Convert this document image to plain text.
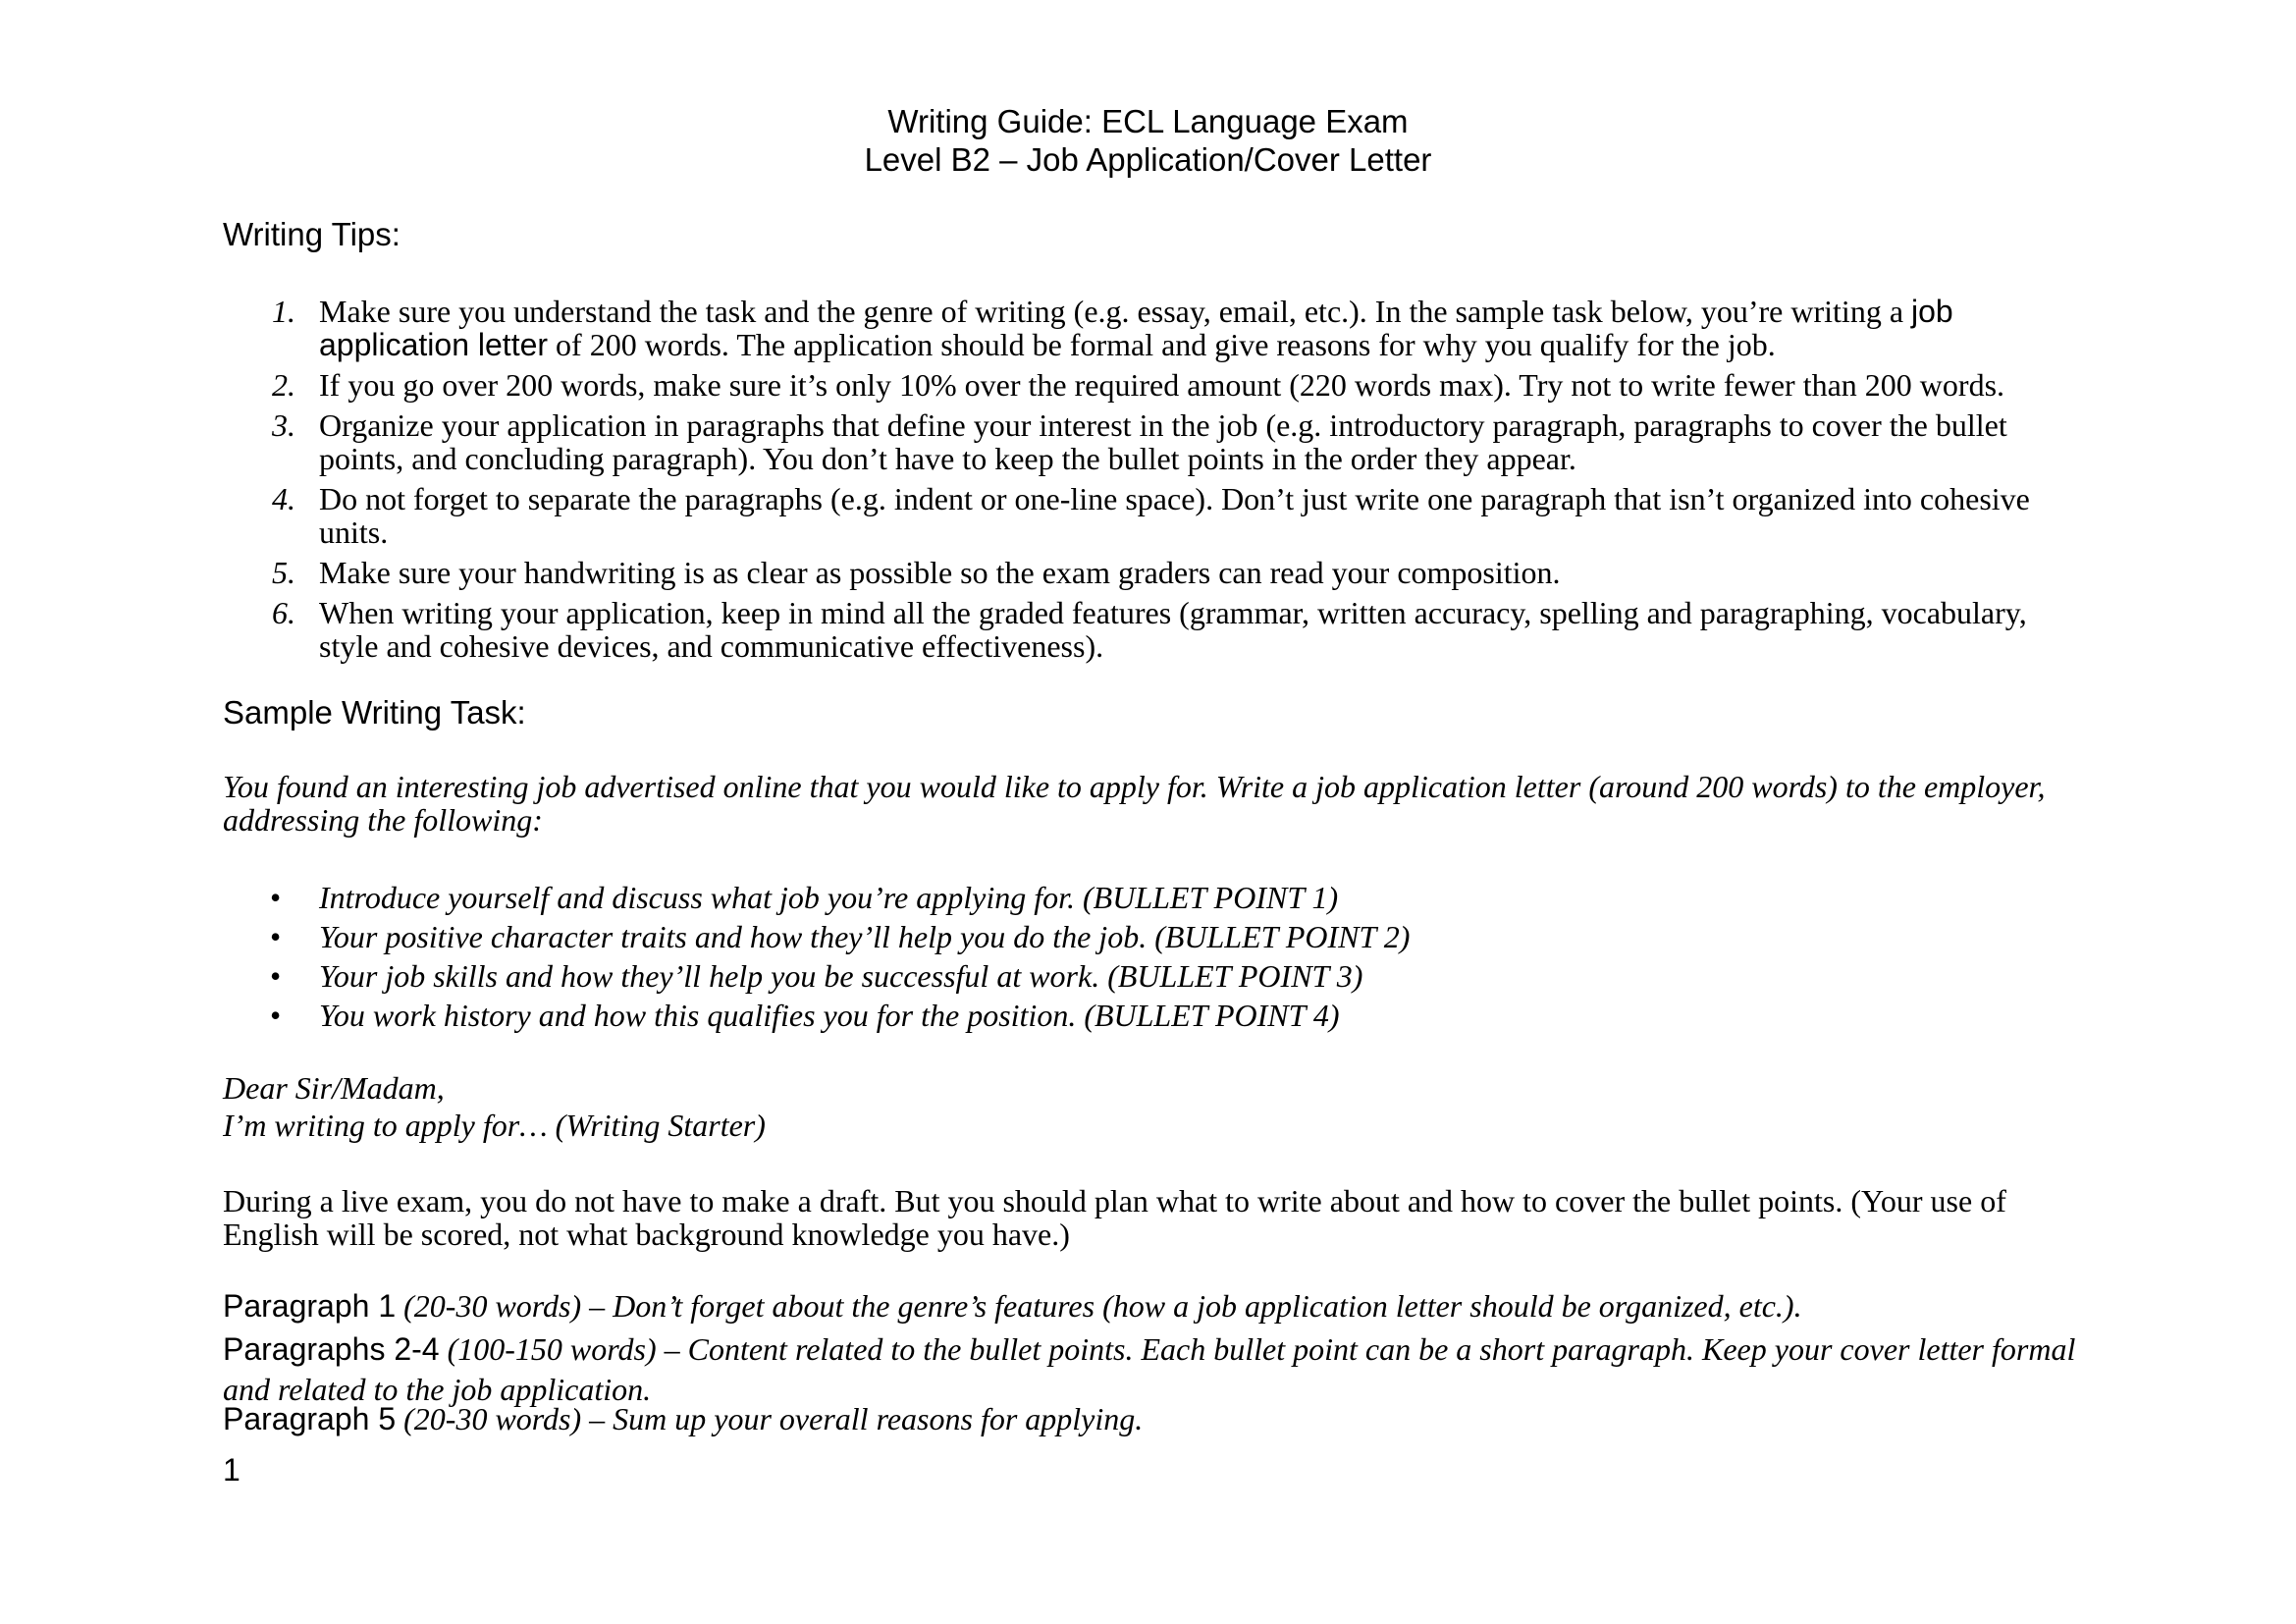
Writing Guide: ECL Language Exam
Level B2 – Job Application/Cover Letter
Writing Tips:
1. Make sure you understand the task and the genre of writing (e.g. essay, email, etc.). In the sample task below, you’re writing a job application letter of 200 words. The application should be formal and give reasons for why you qualify for the job.
2. If you go over 200 words, make sure it’s only 10% over the required amount (220 words max). Try not to write fewer than 200 words.
3. Organize your application in paragraphs that define your interest in the job (e.g. introductory paragraph, paragraphs to cover the bullet points, and concluding paragraph). You don’t have to keep the bullet points in the order they appear.
4. Do not forget to separate the paragraphs (e.g. indent or one-line space). Don’t just write one paragraph that isn’t organized into cohesive units.
5. Make sure your handwriting is as clear as possible so the exam graders can read your composition.
6. When writing your application, keep in mind all the graded features (grammar, written accuracy, spelling and paragraphing, vocabulary, style and cohesive devices, and communicative effectiveness).
Sample Writing Task:
You found an interesting job advertised online that you would like to apply for. Write a job application letter (around 200 words) to the employer, addressing the following:
• Introduce yourself and discuss what job you’re applying for. (BULLET POINT 1)
• Your positive character traits and how they’ll help you do the job. (BULLET POINT 2)
• Your job skills and how they’ll help you be successful at work. (BULLET POINT 3)
• You work history and how this qualifies you for the position. (BULLET POINT 4)
Dear Sir/Madam,
I’m writing to apply for… (Writing Starter)
During a live exam, you do not have to make a draft. But you should plan what to write about and how to cover the bullet points. (Your use of English will be scored, not what background knowledge you have.)
Paragraph 1 (20-30 words) – Don’t forget about the genre’s features (how a job application letter should be organized, etc.).
Paragraphs 2-4 (100-150 words) – Content related to the bullet points. Each bullet point can be a short paragraph. Keep your cover letter formal and related to the job application.
Paragraph 5 (20-30 words) – Sum up your overall reasons for applying.
1
